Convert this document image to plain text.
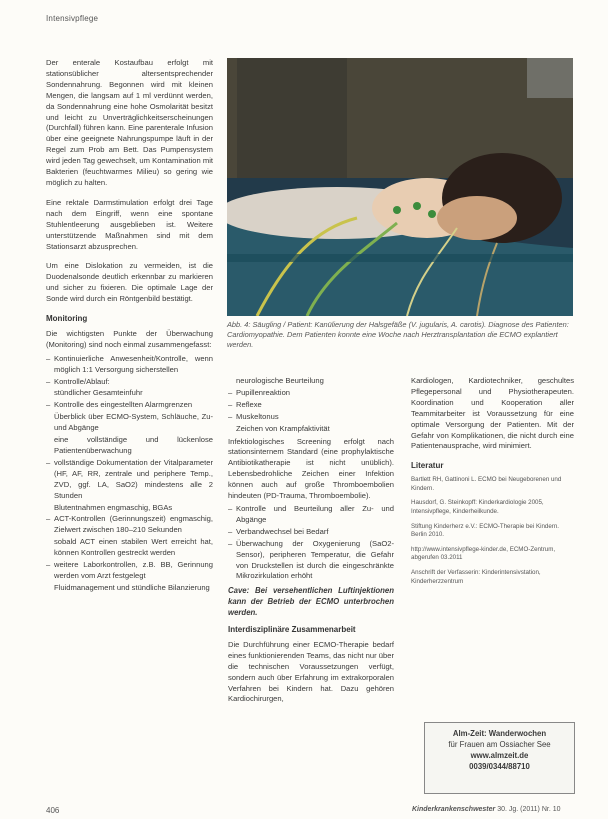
Intensivpflege

Der enterale Kostaufbau erfolgt mit stationsüblicher altersentsprechender Sondennahrung. Begonnen wird mit kleinen Mengen, die langsam auf 1 ml verdünnt werden, da Sondennahrung eine hohe Osmolarität besitzt und leicht zu Unverträglichkeitserscheinungen (Durchfall) führen kann. Eine parenterale Infusion über eine geeignete Nahrungspumpe läuft in der Regel zum Prob am Bett. Das Pumpensystem wird jeden Tag gewechselt, um Kontamination mit Bakterien (feuchtwarmes Milieu) so gering wie möglich zu halten.

Eine rektale Darmstimulation erfolgt drei Tage nach dem Eingriff, wenn eine spontane Stuhlentleerung ausgeblieben ist. Weitere unterstützende Maßnahmen sind mit dem Stationsarzt abzusprechen.

Um eine Dislokation zu vermeiden, ist die Duodenalsonde deutlich erkennbar zu markieren und sicher zu fixieren. Die optimale Lage der Sonde wird durch ein Röntgenbild bestätigt.

Monitoring

Die wichtigsten Punkte der Überwachung (Monitoring) sind noch einmal zusammengefasst:

– Kontinuierliche Anwesenheit/Kontrolle, wenn möglich 1:1 Versorgung sicherstellen
– Kontrolle/Ablauf:
stündlicher Gesamteinfuhr
– Kontrolle des eingestellten Alarmgrenzen
Überblick über ECMO-System, Schläuche, Zu- und Abgänge
eine vollständige und lückenlose Patientenüberwachung
– vollständige Dokumentation der Vitalparameter (HF, AF, RR, zentrale und periphere Temp., ZVD, ggf. LA, SaO2) mindestens alle 2 Stunden
Blutentnahmen engmaschig, BGAs
– ACT-Kontrollen (Gerinnungszeit) engmaschig, Zielwert zwischen 180–210 Sekunden
sobald ACT einen stabilen Wert erreicht hat, können Kontrollen gestreckt werden
– weitere Laborkontrollen, z.B. BB, Gerinnung werden vom Arzt festgelegt
Fluidmanagement und stündliche Bilanzierung
Abb. 4: Säugling / Patient: Kanülierung der Halsgefäße (V. jugularis, A. carotis). Diagnose des Patienten: Cardiomyopathie. Dem Patienten konnte eine Woche nach Herztransplantation die ECMO explantiert werden.
neurologische Beurteilung
– Pupillenreaktion
– Reflexe
– Muskeltonus
Zeichen von Krampfaktivität

Infektiologisches Screening erfolgt nach stationsinternem Standard (eine prophylaktische Antibiotikatherapie ist nicht unüblich). Lebensbedrohliche Zeichen einer Infektion können auch auf große Thromboembolien hindeuten (PD-Trauma, Thromboembolie).

– Kontrolle und Beurteilung aller Zu- und Abgänge
– Verbandwechsel bei Bedarf
– Überwachung der Oxygenierung (SaO2-Sensor), peripheren Temperatur, die Gefahr von Druckstellen ist durch die eingeschränkte Mikrozirkulation erhöht

Cave: Bei versehentlichen Luftinjektionen kann der Betrieb der ECMO unterbrochen werden.

Interdisziplinäre Zusammenarbeit

Die Durchführung einer ECMO-Therapie bedarf eines funktionierenden Teams, das nicht nur über die technischen Voraussetzungen verfügt, sondern auch über Erfahrung im extrakorporalen Verfahren bei Kindern hat. Dazu gehören Kardiochirurgen,

Kardiologen, Kardiotechniker, geschultes Pflegepersonal und Physiotherapeuten. Koordination und Kooperation aller Teammitarbeiter ist Voraussetzung für eine optimale Versorgung der Patienten. Mit der Gefahr von Komplikationen, die nicht durch eine Patientenausprache, wird minimiert.

Literatur

Bartlett RH, Gattinoni L. ECMO bei Neugeborenen und Kindern.

Hausdorf, G. Steinkopff: Kinderkardiologie 2005, Intensivpflege, Kinderheilkunde.

Stiftung Kinderherz e.V.: ECMO-Therapie bei Kindern. Berlin 2010.

http://www.intensivpflege-kinder.de, ECMO-Zentrum, abgerufen 03.2011

Anschrift der Verfasserin: Kinderintensivstation, Kinderherzzentrum

Alm-Zeit: Wanderwochen
für Frauen am Ossiacher See
www.almzeit.de
0039/0344/88710
406	Kinderkrankenschwester 30. Jg. (2011) Nr. 10
